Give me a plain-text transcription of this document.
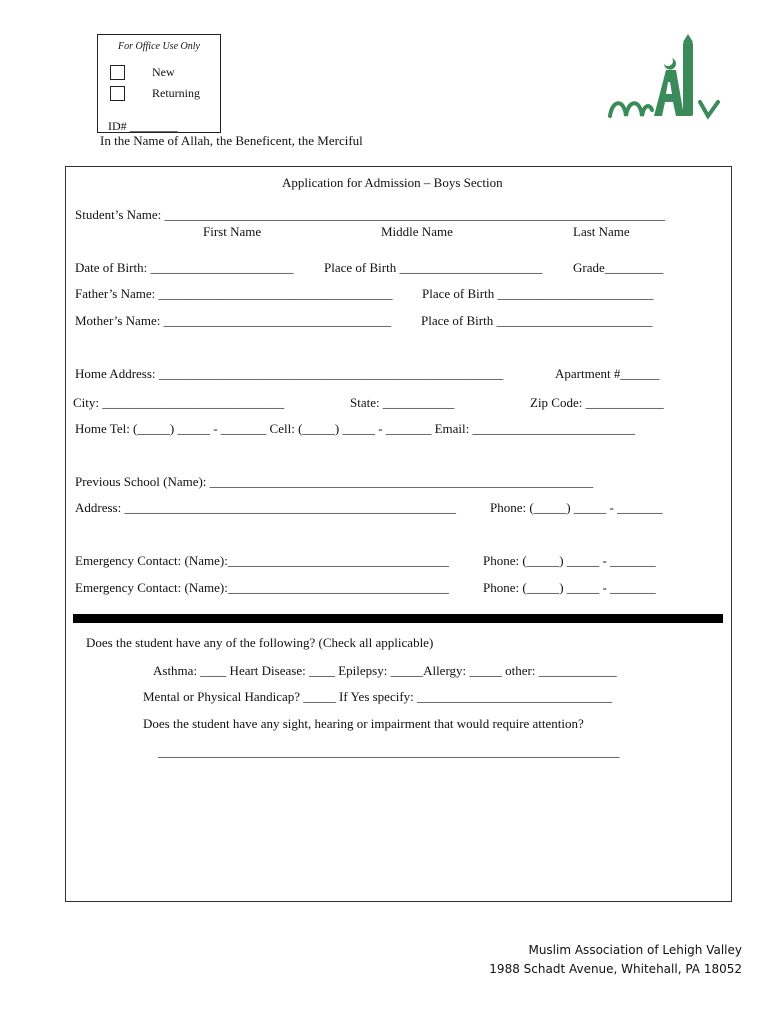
For Office Use Only
New
Returning
ID# ________
In the Name of Allah, the Beneficent, the Merciful
Application for Admission – Boys Section
Student’s Name: _____________________________________________________________________________
First Name	Middle Name	Last Name
Date of Birth: ______________________ Place of Birth ______________________ Grade_________
Father’s Name: ____________________________________ Place of Birth ________________________
Mother’s Name: ___________________________________ Place of Birth ________________________
Home Address: _____________________________________________________	Apartment #______
City: ____________________________	State: ___________	Zip Code: ____________
Home Tel: (_____) _____ - _______ Cell: (_____) _____ - _______ Email: _________________________
Previous School (Name): ___________________________________________________________
Address: ___________________________________________________	Phone: (_____) _____ - _______
Emergency Contact: (Name):__________________________________	Phone: (_____) _____ - _______
Emergency Contact: (Name):__________________________________	Phone: (_____) _____ - _______
Does the student have any of the following? (Check all applicable)
Asthma: ____ Heart Disease: ____ Epilepsy: _____Allergy: _____ other: ____________
Mental or Physical Handicap? _____ If Yes specify: ______________________________
Does the student have any sight, hearing or impairment that would require attention?
_______________________________________________________________________
Muslim Association of Lehigh Valley
1988 Schadt Avenue, Whitehall, PA 18052
